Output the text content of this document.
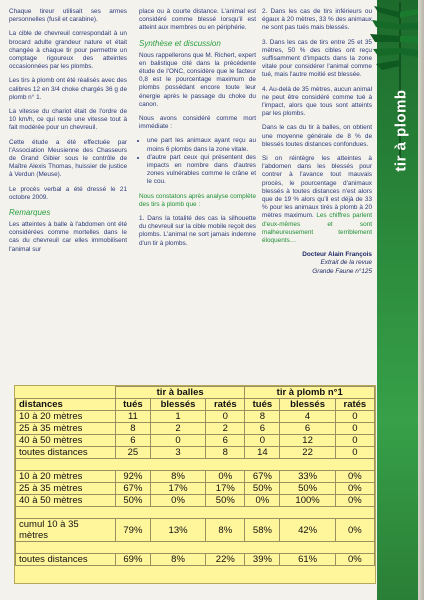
tir à plomb

Chaque tireur utilisait ses armes personnelles (fusil et carabine).

La cible de chevreuil correspondait à un brocard adulte grandeur nature et était changée à chaque tir pour permettre un comptage rigoureux des atteintes occasionnées par les plombs.

Les tirs à plomb ont été réalisés avec des calibres 12 en 3/4 choke chargés 36 g de plomb n° 1.

La vitesse du chariot était de l'ordre de 10 km/h, ce qui reste une vitesse tout à fait modérée pour un chevreuil.

Cette étude a été effectuée par l'Association Meusienne des Chasseurs de Grand Gibier sous le contrôle de Maître Alexis Thomas, huissier de justice à Verdun (Meuse).

Le procès verbal a été dressé le 21 octobre 2009.

Remarques

Les atteintes à balle à l'abdomen ont été considérées comme mortelles dans le cas du chevreuil car elles immobilisent l'animal sur

place ou à courte distance. L'animal est considéré comme blessé lorsqu'il est atteint aux membres ou en périphérie.

Synthèse et discussion

Nous rappellerons que M. Richert, expert en balistique cité dans la précédente étude de l'ONC, considère que le facteur 0,8 est le pourcentage maximum de plombs possédant encore toute leur énergie après le passage du choke du canon.

Nous avons considéré comme mort immédiate :

• une part les animaux ayant reçu au moins 6 plombs dans la zone vitale.
• d'autre part ceux qui présentent des impacts en nombre dans d'autres zones vulnérables comme le crâne et le cou.

Nous constatons après analyse complète des tirs à plomb que :

1. Dans la totalité des cas la silhouette du chevreuil sur la cible mobile reçoit des plombs. L'animal ne sort jamais indemne d'un tir à plombs.

2. Dans les cas de tirs inférieurs ou égaux à 20 mètres, 33 % des animaux ne sont pas tués mais blessés.

3. Dans les cas de tirs entre 25 et 35 mètres, 50 % des cibles ont reçu suffisamment d'impacts dans la zone vitale pour considérer l'animal comme tué, mais l'autre moitié est blessée.

4. Au-delà de 35 mètres, aucun animal ne peut être considéré comme tué à l'impact, alors que tous sont atteints par les plombs.

Dans le cas du tir à balles, on obtient une moyenne générale de 8 % de blessés toutes distances confondues.

Si on réintègre les atteintes à l'abdomen dans les blessés pour contrer à l'avance tout mauvais procès, le pourcentage d'animaux blessés à toutes distances n'est alors que de 19 % alors qu'il est déjà de 33 % pour les animaux tirés à plomb à 20 mètres maximum. Les chiffres parlent d'eux-mêmes et sont malheureusement terriblement éloquents…

Docteur Alain François
Extrait de la revue
Grande Faune n°125
	tir à balles			tir à plomb n°1		
distances	tués	blessés	ratés	tués	blessés	ratés
10 à 20 mètres	11	1	0	8	4	0
25 à 35 mètres	8	2	2	6	6	0
40 à 50 mètres	6	0	6	0	12	0
toutes distances	25	3	8	14	22	0

10 à 20 mètres	92%	8%	0%	67%	33%	0%
25 à 35 mètres	67%	17%	17%	50%	50%	0%
40 à 50 mètres	50%	0%	50%	0%	100%	0%

cumul 10 à 35
mètres	79%	13%	8%	58%	42%	0%

toutes distances	69%	8%	22%	39%	61%	0%
